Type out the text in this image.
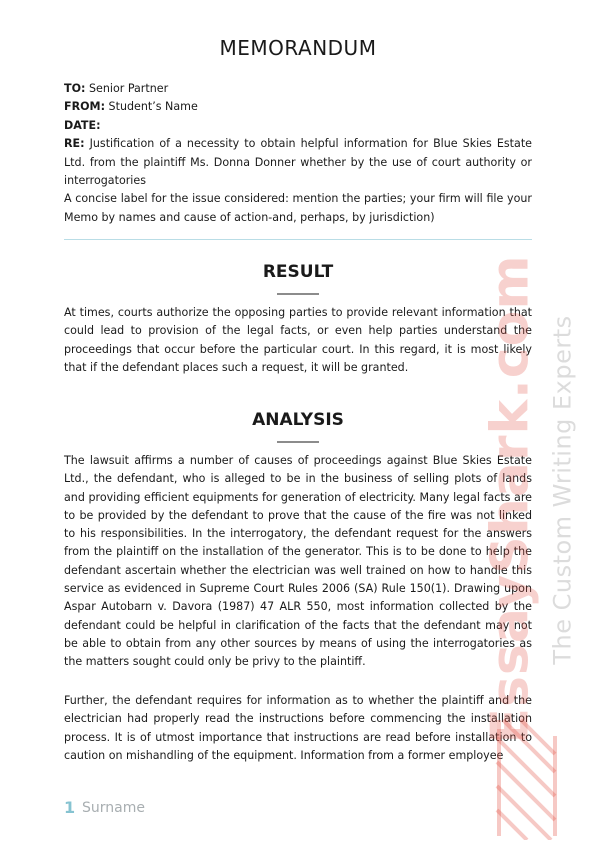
MEMORANDUM
TO: Senior Partner
FROM: Student’s Name
DATE:
RE: Justification of a necessity to obtain helpful information for Blue Skies Estate Ltd. from the plaintiff Ms. Donna Donner whether by the use of court authority or interrogatories
A concise label for the issue considered: mention the parties; your firm will file your Memo by names and cause of action-and, perhaps, by jurisdiction)
RESULT
At times, courts authorize the opposing parties to provide relevant information that could lead to provision of the legal facts, or even help parties understand the proceedings that occur before the particular court. In this regard, it is most likely that if the defendant places such a request, it will be granted.
ANALYSIS
The lawsuit affirms a number of causes of proceedings against Blue Skies Estate Ltd., the defendant, who is alleged to be in the business of selling plots of lands and providing efficient equipments for generation of electricity. Many legal facts are to be provided by the defendant to prove that the cause of the fire was not linked to his responsibilities. In the interrogatory, the defendant request for the answers from the plaintiff on the installation of the generator. This is to be done to help the defendant ascertain whether the electrician was well trained on how to handle this service as evidenced in Supreme Court Rules 2006 (SA) Rule 150(1). Drawing upon Aspar Autobarn v. Davora (1987) 47 ALR 550, most information collected by the defendant could be helpful in clarification of the facts that the defendant may not be able to obtain from any other sources by means of using the interrogatories as the matters sought could only be privy to the plaintiff.
Further, the defendant requires for information as to whether the plaintiff and the electrician had properly read the instructions before commencing the installation process. It is of utmost importance that instructions are read before installation to caution on mishandling of the equipment. Information from a former employee
1 Surname
EssayShark.com The Custom Writing Experts
